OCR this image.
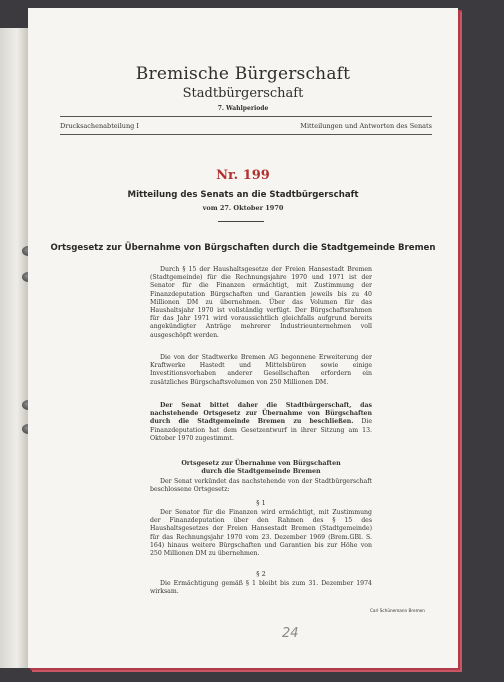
Bremische Bürgerschaft
Stadtbürgerschaft
7. Wahlperiode
Drucksachenabteilung I	Mitteilungen und Antworten des Senats
Nr. 199
Mitteilung des Senats an die Stadtbürgerschaft
vom 27. Oktober 1970
Ortsgesetz zur Übernahme von Bürgschaften durch die Stadtgemeinde Bremen
Durch § 15 der Haushaltsgesetze der Freien Hansestadt Bremen (Stadtgemeinde) für die Rechnungsjahre 1970 und 1971 ist der Senator für die Finanzen ermächtigt, mit Zustimmung der Finanzdeputation Bürgschaften und Garantien jeweils bis zu 40 Millionen DM zu übernehmen. Über das Volumen für das Haushaltsjahr 1970 ist vollständig verfügt. Der Bürgschaftsrahmen für das Jahr 1971 wird voraussichtlich gleichfalls aufgrund bereits angekündigter Anträge mehrerer Industrieunternehmen voll ausgeschöpft werden.
Die von der Stadtwerke Bremen AG begonnene Erweiterung der Kraftwerke Hastedt und Mittelsbüren sowie einige Investitionsvorhaben anderer Gesellschaften erfordern ein zusätzliches Bürgschaftsvolumen von 250 Millionen DM.
Der Senat bittet daher die Stadtbürgerschaft, das nachstehende Ortsgesetz zur Übernahme von Bürgschaften durch die Stadtgemeinde Bremen zu beschließen. Die Finanzdeputation hat dem Gesetzentwurf in ihrer Sitzung am 13. Oktober 1970 zugestimmt.
Ortsgesetz zur Übernahme von Bürgschaften
durch die Stadtgemeinde Bremen
Der Senat verkündet das nachstehende von der Stadtbürgerschaft beschlossene Ortsgesetz:
§ 1
Der Senator für die Finanzen wird ermächtigt, mit Zustimmung der Finanzdeputation über den Rahmen des § 15 des Haushaltsgesetzes der Freien Hansestadt Bremen (Stadtgemeinde) für das Rechnungsjahr 1970 vom 23. Dezember 1969 (Brem.GBl. S. 164) hinaus weitere Bürgschaften und Garantien bis zur Höhe von 250 Millionen DM zu übernehmen.
§ 2
Die Ermächtigung gemäß § 1 bleibt bis zum 31. Dezember 1974 wirksam.
Carl Schünemann Bremen
24
